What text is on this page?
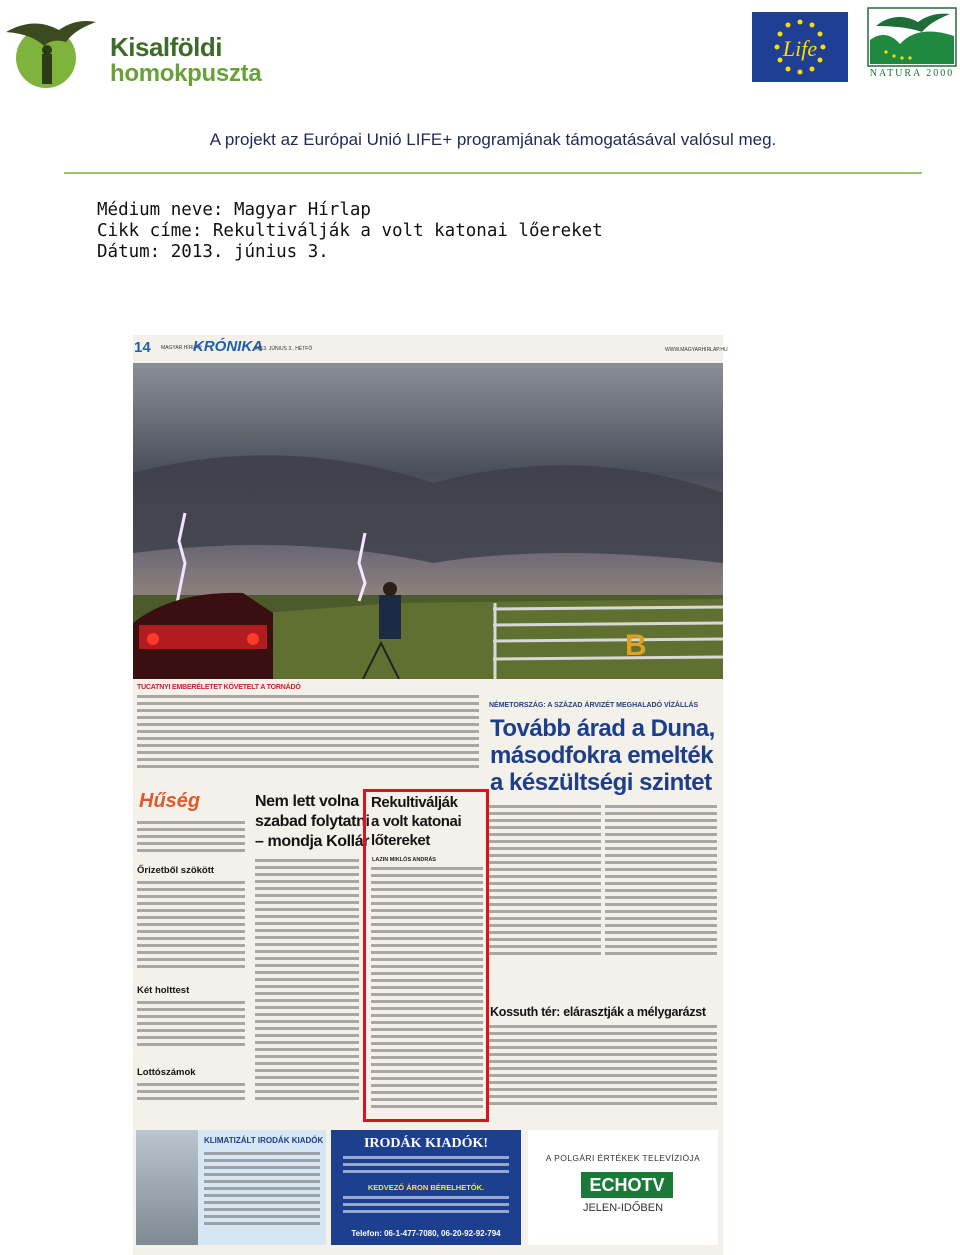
Kisalföldi
homokpuszta
Life
NATURA 2000
A projekt az Európai Unió LIFE+ programjának támogatásával valósul meg.
Médium neve: Magyar Hírlap
Cikk címe: Rekultiválják a volt katonai lőereket
Dátum: 2013. június 3.
14 MAGYAR HÍRLAP
KRÓNIKA
2013. JÚNIUS 3., HÉTFŐ	WWW.MAGYARHIRLAP.HU
B
TUCATNYI EMBERÉLETET KÖVETELT A TORNÁDÓ
NÉMETORSZÁG: A SZÁZAD ÁRVIZÉT MEGHALADÓ VÍZÁLLÁS
Tovább árad a Duna,
másodfokra emelték
a készültségi szintet
Hűség
Őrizetből szökött
Két holttest
Lottószámok
Nem lett volna
szabad folytatni
– mondja Kollár
Rekultiválják
a volt katonai
lőtereket
LAZIN MIKLÓS ANDRÁS
Kossuth tér: elárasztják a mélygarázst
KLIMATIZÁLT IRODÁK KIADÓK	IRODÁK KIADÓK!
KEDVEZŐ ÁRON BÉRELHETŐK.
Telefon: 06-1-477-7080, 06-20-92-92-794
A POLGÁRI ÉRTÉKEK TELEVÍZIÓJA
ECHOTV
JELEN-IDŐBEN
